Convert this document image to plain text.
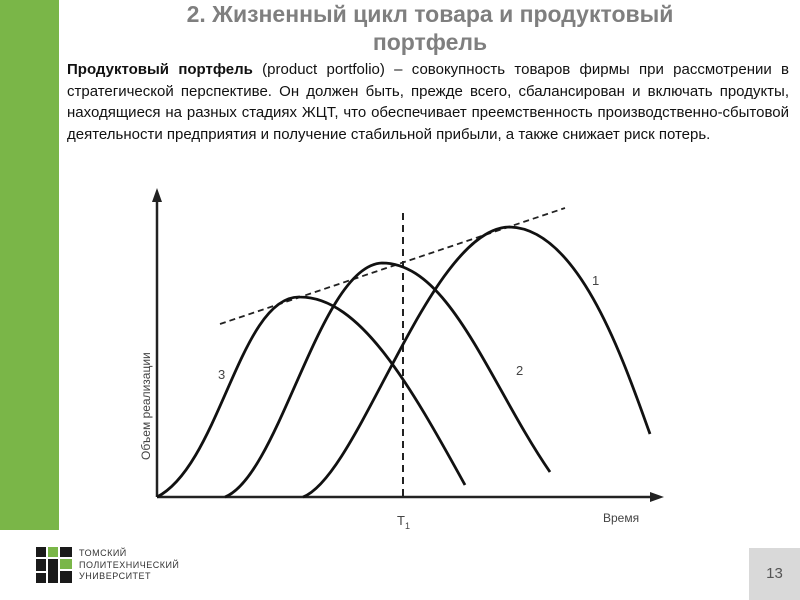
2. Жизненный цикл товара и продуктовый
портфель

Продуктовый портфель (product portfolio) – совокупность товаров фирмы при рассмотрении в стратегической перспективе. Он должен быть, прежде всего, сбалансирован и включать продукты, находящиеся на разных стадиях ЖЦТ, что обеспечивает преемственность производственно-сбытовой деятельности предприятия и получение стабильной прибыли, а также снижает риск потерь.

Объем реализации
Время
$T_1$
1
2
3
ТОМСКИЙ
ПОЛИТЕХНИЧЕСКИЙ
УНИВЕРСИТЕТ	13
